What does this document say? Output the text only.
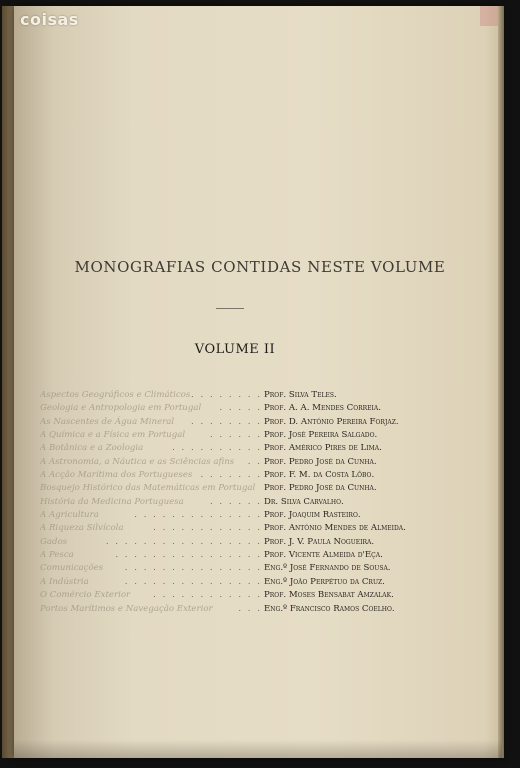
coisas
MONOGRAFIAS CONTIDAS NESTE VOLUME
VOLUME II
Aspectos Geográficos e Climáticos . . . . . . . . Prof. Silva Teles.
Geologia e Antropologia em Portugal	. . . . . Prof. A. A. Mendes Correia.
As Nascentes de Água Mineral	. . . . . . . . Prof. D. António Pereira Forjaz.
A Química e a Física em Portugal	. . . . . . Prof. José Pereira Salgado.
A Botânica e a Zoologia	. . . . . . . . . . Prof. Américo Pires de Lima.
A Astronomia, a Náutica e as Sciências afins	. . Prof. Pedro José da Cunha.
A Acção Marítima dos Portugueses . . . . . . . Prof. F. M. da Costa Lôbo.
Bosquejo Histórico das Matemáticas em Portugal	Prof. Pedro José da Cunha.
História da Medicina Portuguesa	. . . . . . Dr. Silva Carvalho.
A Agricultura	. . . . . . . . . . . . . . Prof. Joaquim Rasteiro.
A Riqueza Silvícola	. . . . . . . . . . . . Prof. António Mendes de Almeida.
Gados	. . . . . . . . . . . . . . . . . Prof. J. V. Paula Nogueira.
A Pesca	. . . . . . . . . . . . . . . . Prof. Vicente Almeida d'Eça.
Comunicações	. . . . . . . . . . . . . . . Eng.º José Fernando de Sousa.
A Indústria	. . . . . . . . . . . . . . . Eng.º João Perpétuo da Cruz.
O Comércio Exterior	. . . . . . . . . . . . Prof. Moses Bensabat Amzalak.
Portos Marítimos e Navegação Exterior	. . . Eng.º Francisco Ramos Coelho.
